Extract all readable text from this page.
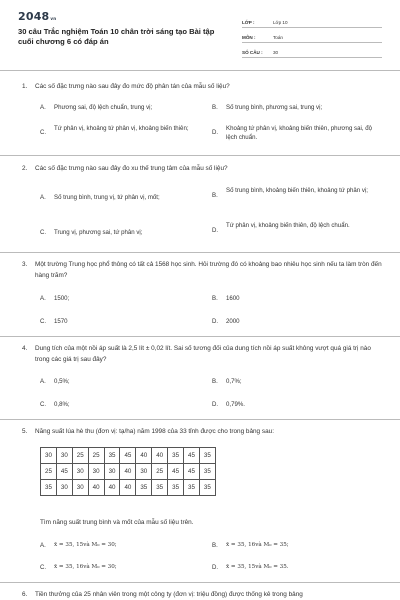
2048vn
30 câu Trắc nghiệm Toán 10 chân trời sáng tạo Bài tập cuối chương 6 có đáp án
LỚP :	Lớp 10
MÔN :	Toán
SỐ CÂU :	30
1.	Các số đặc trưng nào sau đây đo mức độ phân tán của mẫu số liệu?
A.	Phương sai, độ lệch chuẩn, trung vị;	B.	Số trung bình, phương sai, trung vị;
C.
Tứ phân vị, khoảng tứ phân vị, khoảng biến thiên;
D.
Khoảng tứ phân vị, khoảng biến thiên, phương sai, độ lệch chuẩn.
2.	Các số đặc trưng nào sau đây đo xu thế trung tâm của mẫu số liệu?
A.	Số trung bình, trung vị, tứ phân vị, mốt;	B.
Số trung bình, khoảng biến thiên, khoảng tứ phân vị;
C.	Trung vị, phương sai, tứ phân vị;	D.
Tứ phân vị, khoảng biến thiên, độ lệch chuẩn.
3.	Một trường Trung học phổ thông có tất cả 1568 học sinh. Hỏi trường đó có khoảng bao nhiêu học sinh nếu ta làm tròn đến hàng trăm?
A.	1500;	B.	1600
C.	1570	D.	2000
4.	Dung tích của một nồi áp suất là 2,5 lít ± 0,02 lít. Sai số tương đối của dung tích nồi áp suất không vượt quá giá trị nào trong các giá trị sau đây?
A.	0,5%;	B.	0,7%;
C.	0,8%;	D.	0,79%.
5.	Năng suất lúa hè thu (đơn vị: tạ/ha) năm 1998 của 33 tỉnh được cho trong bảng sau:
30	30	25	25	35	45	40	40	35	45	35
25	45	30	30	30	40	30	25	45	45	35
35	30	30	40	40	40	35	35	35	35	35
Tìm năng suất trung bình và mốt của mẫu số liệu trên.
A.	x̄ = 35, 15và M₀ = 30;	B.	x̄ = 35, 16và M₀ = 35;
C.	x̄ = 35, 16và M₀ = 30;	D.	x̄ = 35, 15và M₀ = 35.
6.	Tiền thưởng của 25 nhân viên trong một công ty (đơn vị: triệu đồng) được thống kê trong bảng
